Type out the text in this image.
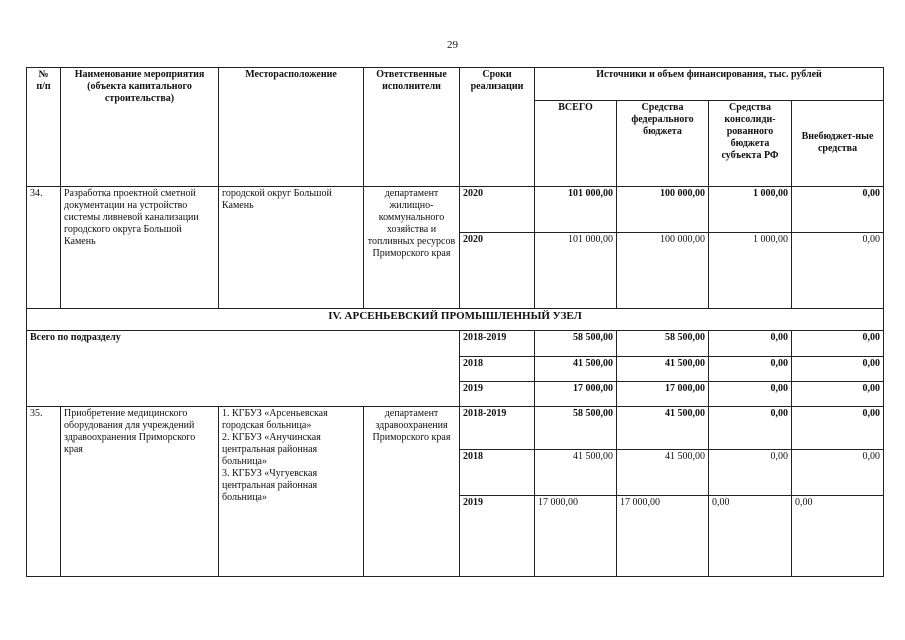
29
№
п/п	Наименование мероприятия (объекта капитального строительства)	Месторасположение	Ответственные исполнители	Сроки реализации	Источники и объем финансирования, тыс. рублей			
					ВСЕГО	Средства федерального бюджета	Средства консолиди-рованного бюджета субъекта РФ	Внебюджет-ные средства
34.	Разработка проектной сметной документации на устройство системы ливневой канализации городского округа Большой Камень	городской округ Большой Камень	департамент жилищно-коммунального хозяйства и топливных ресурсов Приморского края	2020	101 000,00	100 000,00	1 000,00	0,00
				2020	101 000,00	100 000,00	1 000,00	0,00
IV. АРСЕНЬЕВСКИЙ ПРОМЫШЛЕННЫЙ УЗЕЛ								
Всего по подразделу				2018-2019	58 500,00	58 500,00	0,00	0,00
				2018	41 500,00	41 500,00	0,00	0,00
				2019	17 000,00	17 000,00	0,00	0,00
35.	Приобретение медицинского оборудования для учреждений здравоохранения Приморского края	1. КГБУЗ «Арсеньевская городская больница»
2. КГБУЗ «Анучинская центральная районная больница»
3. КГБУЗ «Чугуевская центральная районная больница»	департамент здравоохранения Приморского края	2018-2019	58 500,00	41 500,00	0,00	0,00
				2018	41 500,00	41 500,00	0,00	0,00
				2019	17 000,00	17 000,00	0,00	0,00
